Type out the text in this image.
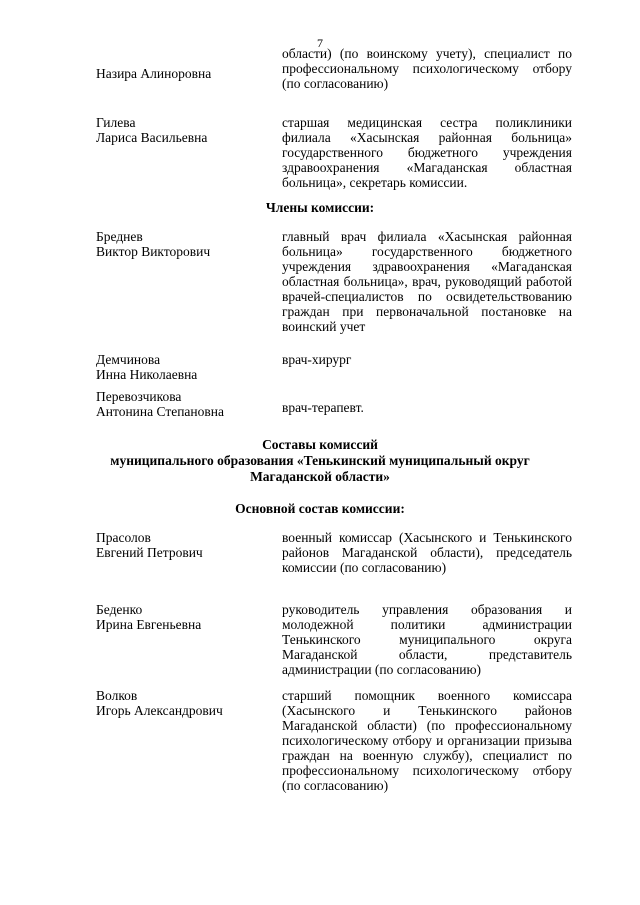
7
Назира Алиноровна
области) (по воинскому учету), специалист по профессиональному психологическому отбору (по согласованию)
Гилева
Лариса Васильевна
старшая медицинская сестра поликлиники филиала «Хасынская районная больница» государственного бюджетного учреждения здравоохранения «Магаданская областная больница», секретарь комиссии.
Члены комиссии:
Бреднев
Виктор Викторович
главный врач филиала «Хасынская районная больница» государственного бюджетного учреждения здравоохранения «Магаданская областная больница», врач, руководящий работой врачей-специалистов по освидетельствованию граждан при первоначальной постановке на воинский учет
Демчинова
Инна Николаевна
врач-хирург
Перевозчикова
Антонина Степановна	врач-терапевт.
Составы комиссий
муниципального образования «Тенькинский муниципальный округ
Магаданской области»
Основной состав комиссии:
Прасолов
Евгений Петрович
военный комиссар (Хасынского и Тенькинского районов Магаданской области), председатель комиссии (по согласованию)
Беденко
Ирина Евгеньевна
руководитель управления образования и молодежной политики администрации Тенькинского муниципального округа Магаданской области, представитель администрации (по согласованию)
Волков
Игорь Александрович
старший помощник военного комиссара (Хасынского и Тенькинского районов Магаданской области) (по профессиональному психологическому отбору и организации призыва граждан на военную службу), специалист по профессиональному психологическому отбору (по согласованию)
